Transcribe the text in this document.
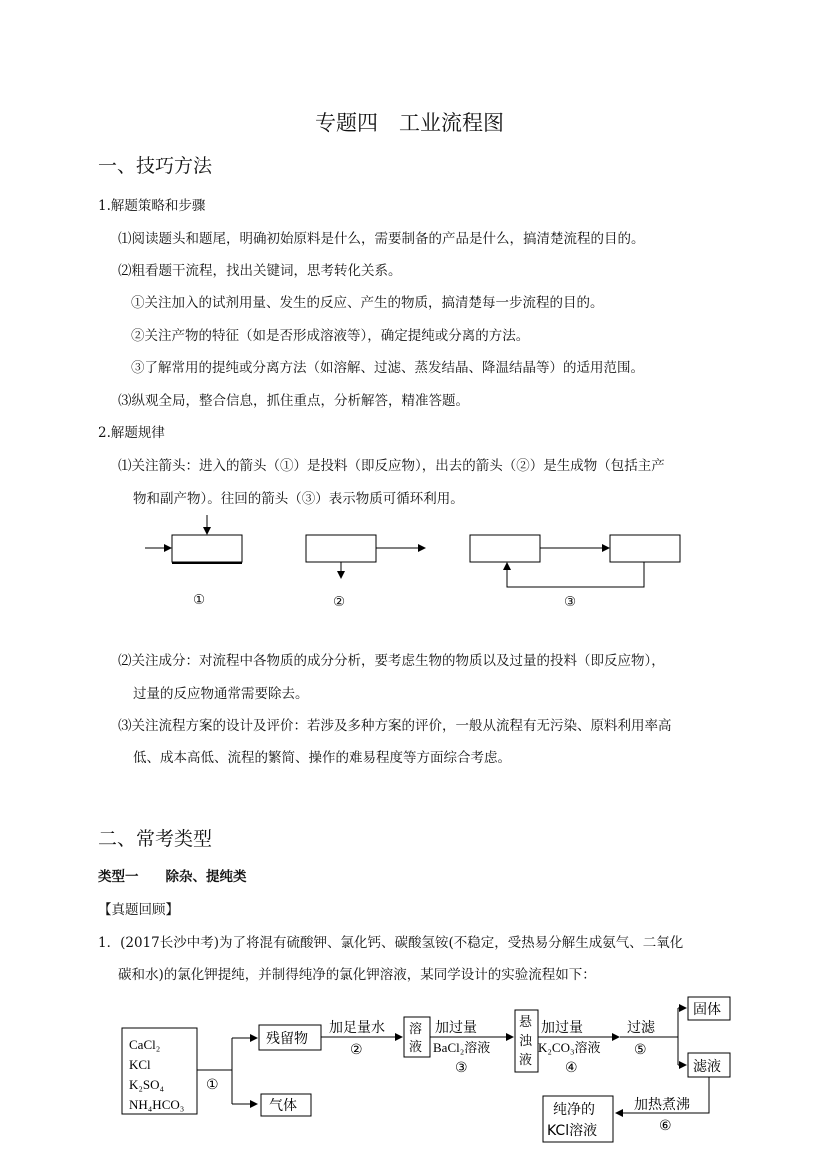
专题四　工业流程图
一、技巧方法
1.解题策略和步骤
⑴阅读题头和题尾，明确初始原料是什么，需要制备的产品是什么，搞清楚流程的目的。
⑵粗看题干流程，找出关键词，思考转化关系。
①关注加入的试剂用量、发生的反应、产生的物质，搞清楚每一步流程的目的。
②关注产物的特征（如是否形成溶液等），确定提纯或分离的方法。
③了解常用的提纯或分离方法（如溶解、过滤、蒸发结晶、降温结晶等）的适用范围。
⑶纵观全局，整合信息，抓住重点，分析解答，精准答题。
2.解题规律
⑴关注箭头：进入的箭头（①）是投料（即反应物），出去的箭头（②）是生成物（包括主产
物和副产物）。往回的箭头（③）表示物质可循环利用。
①	②	③
⑵关注成分：对流程中各物质的成分分析，要考虑生物的物质以及过量的投料（即反应物），
过量的反应物通常需要除去。
⑶关注流程方案的设计及评价：若涉及多种方案的评价，一般从流程有无污染、原料利用率高
低、成本高低、流程的繁简、操作的难易程度等方面综合考虑。
二、常考类型
类型一　　除杂、提纯类
【真题回顾】
1．(2017长沙中考)为了将混有硫酸钾、氯化钙、碳酸氢铵(不稳定，受热易分解生成氨气、二氧化
碳和水)的氯化钾提纯，并制得纯净的氯化钾溶液，某同学设计的实验流程如下：
CaCl₂
KCl
K₂SO₄
NH₄HCO₃
①
残留物
气体
加足量水
②
溶
液
加过量
BaCl₂溶液
③
悬
浊
液
加过量
K₂CO₃溶液
④
过滤
⑤
固体
滤液
加热煮沸
⑥
纯净的
KCl溶液
